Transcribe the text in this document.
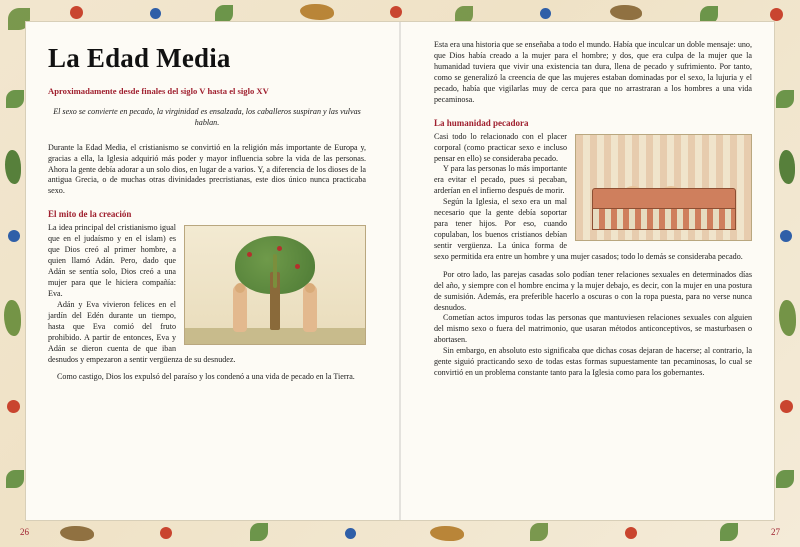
La Edad Media
Aproximadamente desde finales del siglo V hasta el siglo XV
El sexo se convierte en pecado, la virginidad es ensalzada, los caballeros suspiran y las vulvas hablan.

Durante la Edad Media, el cristianismo se convirtió en la religión más importante de Europa y, gracias a ella, la Iglesia adquirió más poder y mayor influencia sobre la vida de las personas. Ahora la gente debía adorar a un solo dios, en lugar de a varios. Y, a diferencia de los dioses de la antigua Grecia, o de muchas otras divinidades precristianas, este dios único nunca practicaba sexo.

El mito de la creación

La idea principal del cristianismo igual que en el judaísmo y en el islam) es que Dios creó al primer hombre, a quien llamó Adán. Pero, dado que Adán se sentía solo, Dios creó a una mujer para que le hiciera compañía: Eva.

Adán y Eva vivieron felices en el jardín del Edén durante un tiempo, hasta que Eva comió del fruto prohibido. A partir de entonces, Eva y Adán se dieron cuenta de que iban desnudos y empezaron a sentir vergüenza de su desnudez.

Como castigo, Dios los expulsó del paraíso y los condenó a una vida de pecado en la Tierra.

Esta era una historia que se enseñaba a todo el mundo. Había que inculcar un doble mensaje: uno, que Dios había creado a la mujer para el hombre; y dos, que era culpa de la mujer que la humanidad tuviera que vivir una existencia tan dura, llena de pecado y sufrimiento. Por tanto, como se generalizó la creencia de que las mujeres estaban dominadas por el sexo, la lujuria y el pecado, había que vigilarlas muy de cerca para que no arrastraran a los hombres a una vida pecaminosa.

La humanidad pecadora

Casi todo lo relacionado con el placer corporal (como practicar sexo e incluso pensar en ello) se consideraba pecado.

Y para las personas lo más importante era evitar el pecado, pues si pecaban, arderían en el infierno después de morir.

Según la Iglesia, el sexo era un mal necesario que la gente debía soportar para tener hijos. Por eso, cuando copulaban, los buenos cristianos debían sentir vergüenza. La única forma de sexo permitida era entre un hombre y una mujer casados; todo lo demás se consideraba pecado.

Por otro lado, las parejas casadas solo podían tener relaciones sexuales en determinados días del año, y siempre con el hombre encima y la mujer debajo, es decir, con la mujer en una postura de sumisión. Además, era preferible hacerlo a oscuras o con la ropa puesta, para no verse nunca desnudos.

Cometían actos impuros todas las personas que mantuviesen relaciones sexuales con alguien del mismo sexo o fuera del matrimonio, que usaran métodos anticonceptivos, se masturbasen o abortasen.

Sin embargo, en absoluto esto significaba que dichas cosas dejaran de hacerse; al contrario, la gente siguió practicando sexo de todas estas formas supuestamente tan pecaminosas, lo cual se convirtió en un problema constante tanto para la Iglesia como para los gobernantes.

26	27
